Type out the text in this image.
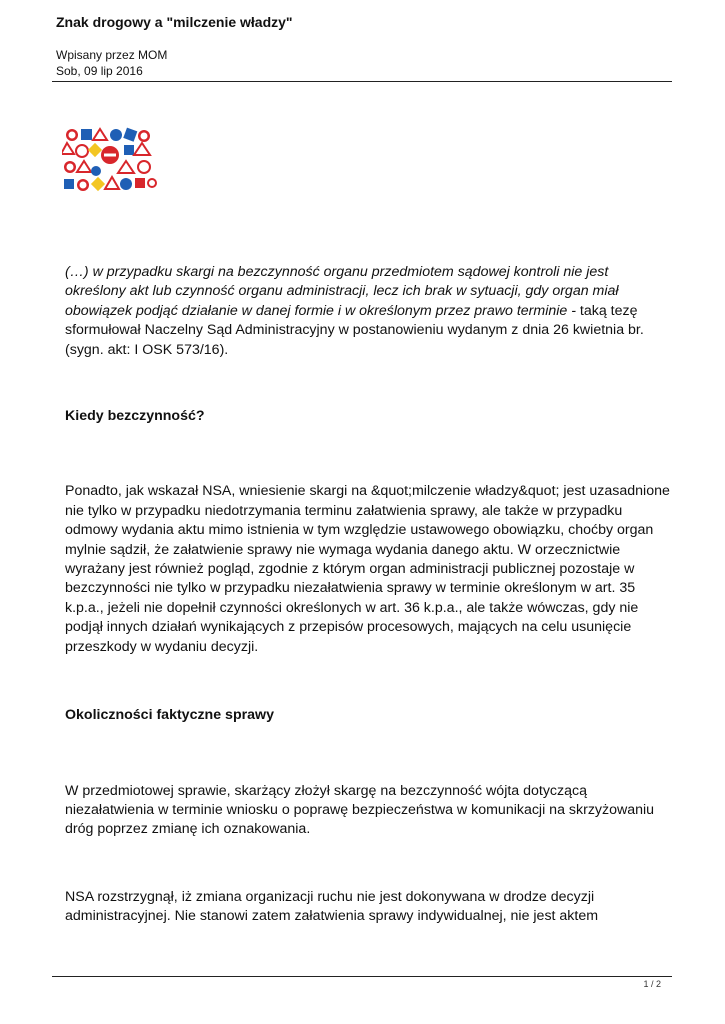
Znak drogowy a "milczenie władzy"
Wpisany przez MOM
Sob, 09 lip 2016

(…) w przypadku skargi na bezczynność organu przedmiotem sądowej kontroli nie jest określony akt lub czynność organu administracji, lecz ich brak w sytuacji, gdy organ miał obowiązek podjąć działanie w danej formie i w określonym przez prawo terminie - taką tezę sformułował Naczelny Sąd Administracyjny w postanowieniu wydanym z dnia 26 kwietnia br. (sygn. akt: I OSK 573/16).

Kiedy bezczynność?

Ponadto, jak wskazał NSA, wniesienie skargi na &quot;milczenie władzy&quot; jest uzasadnione nie tylko w przypadku niedotrzymania terminu załatwienia sprawy, ale także w przypadku odmowy wydania aktu mimo istnienia w tym względzie ustawowego obowiązku, choćby organ mylnie sądził, że załatwienie sprawy nie wymaga wydania danego aktu. W orzecznictwie wyrażany jest również pogląd, zgodnie z którym organ administracji publicznej pozostaje w bezczynności nie tylko w przypadku niezałatwienia sprawy w terminie określonym w art. 35 k.p.a., jeżeli nie dopełnił czynności określonych w art. 36 k.p.a., ale także wówczas, gdy nie podjął innych działań wynikających z przepisów procesowych, mających na celu usunięcie przeszkody w wydaniu decyzji.

Okoliczności faktyczne sprawy

W przedmiotowej sprawie, skarżący złożył skargę na bezczynność wójta dotyczącą niezałatwienia w terminie wniosku o poprawę bezpieczeństwa w komunikacji na skrzyżowaniu dróg poprzez zmianę ich oznakowania.

NSA rozstrzygnął, iż zmiana organizacji ruchu nie jest dokonywana w drodze decyzji administracyjnej. Nie stanowi zatem załatwienia sprawy indywidualnej, nie jest aktem

1 / 2
